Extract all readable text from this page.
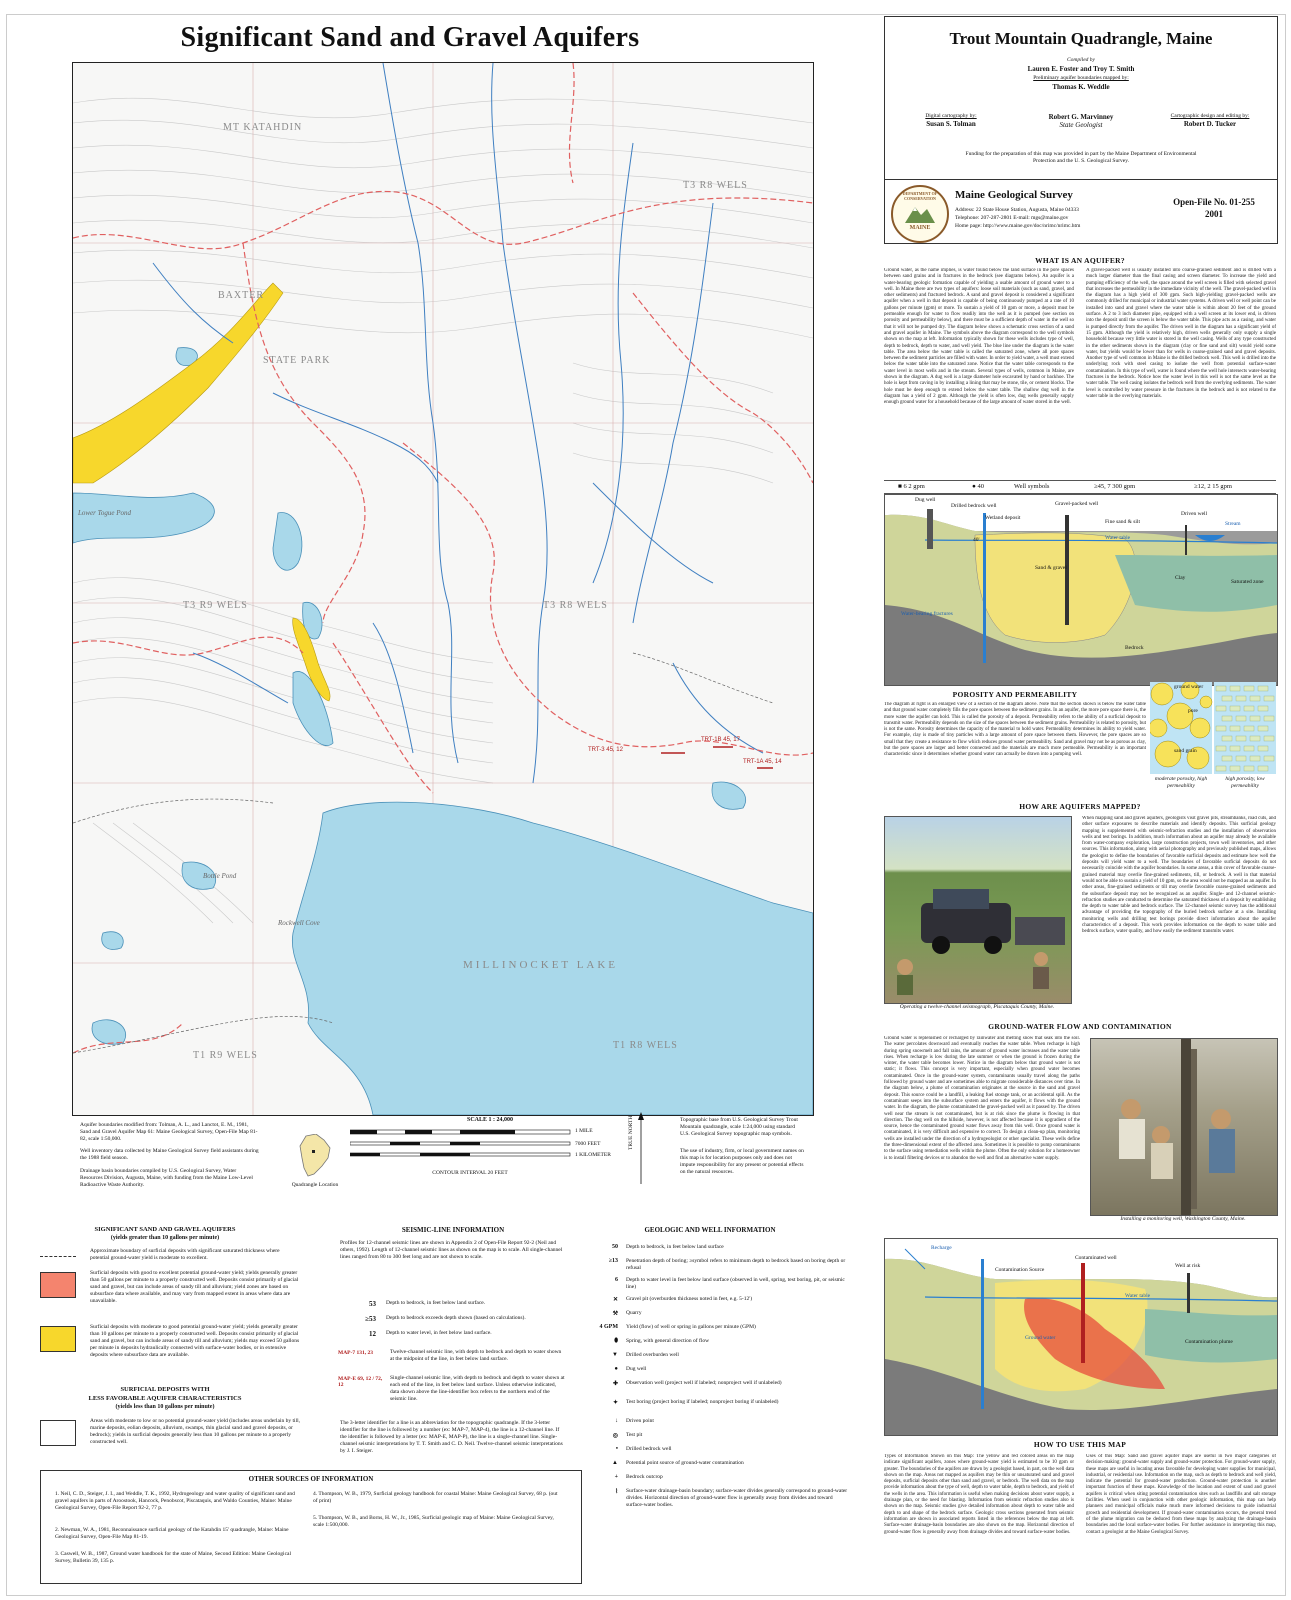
Significant Sand and Gravel Aquifers
MT KATAHDIN
BAXTER
STATE PARK
T3 R9 WELS
T3 R8 WELS
T3 R8 WELS
T1 R9 WELS
T1 R8 WELS
MILLINOCKET LAKE
Lower Togue Pond
Bottle Pond
Rockwell Cove
TRT-1B 45, 17
TRT-1A 45, 14
TRT-3 45, 12
Aquifer boundaries modified from: Tolman, A. L., and Lanctot, E. M., 1981, Sand and Gravel Aquifer Map 61: Maine Geological Survey, Open-File Map 81-82, scale 1:50,000.
Well inventory data collected by Maine Geological Survey field assistants during the 1988 field season.
Drainage basin boundaries compiled by U.S. Geological Survey, Water Resources Division, Augusta, Maine, with funding from the Maine Low-Level Radioactive Waste Authority.	Quadrangle Location
SCALE 1 : 24,000
1 MILE
7000 FEET
1 KILOMETER
CONTOUR INTERVAL 20 FEET
TRUE NORTH	Topographic base from U.S. Geological Survey Trout Mountain quadrangle, scale 1:24,000 using standard U.S. Geological Survey topographic map symbols.
The use of industry, firm, or local government names on this map is for location purposes only and does not impute responsibility for any present or potential effects on the natural resources.
Trout Mountain Quadrangle, Maine
Compiled by
Lauren E. Foster and Troy T. Smith
Preliminary aquifer boundaries mapped by:
Thomas K. Weddle
Digital cartography by:
Susan S. Tolman
Robert G. Marvinney
State Geologist
Cartographic design and editing by:
Robert D. Tucker
Funding for the preparation of this map was provided in part by the Maine Department of Environmental Protection and the U. S. Geological Survey.
DEPARTMENT OF CONSERVATION
MAINE
Maine Geological Survey
Address: 22 State House Station, Augusta, Maine 04333
Telephone: 207-287-2801 E-mail: mgs@maine.gov
Home page: http://www.maine.gov/doc/nrimc/nrimc.htm
Open-File No. 01-255
2001
WHAT IS AN AQUIFER?
Ground water, as the name implies, is water found below the land surface in the pore spaces between sand grains and in fractures in the bedrock (see diagrams below). An aquifer is a water-bearing geologic formation capable of yielding a usable amount of ground water to a well. In Maine there are two types of aquifers: loose soil materials (such as sand, gravel, and other sediments) and fractured bedrock. A sand and gravel deposit is considered a significant aquifer when a well in that deposit is capable of being continuously pumped at a rate of 10 gallons per minute (gpm) or more. To sustain a yield of 10 gpm or more, a deposit must be permeable enough for water to flow readily into the well as it is pumped (see section on porosity and permeability below), and there must be a sufficient depth of water in the well so that it will not be pumped dry. The diagram below shows a schematic cross section of a sand and gravel aquifer in Maine. The symbols above the diagram correspond to the well symbols shown on the map at left. Information typically shown for these wells includes type of well, depth to bedrock, depth to water, and well yield. The blue line under the diagram is the water table. The area below the water table is called the saturated zone, where all pore spaces between the sediment particles are filled with water. In order to yield water, a well must extend below the water table into the saturated zone. Notice that the water table corresponds to the water level in most wells and in the stream. Several types of wells, common in Maine, are shown in the diagram. A dug well is a large diameter hole excavated by hand or backhoe. The hole is kept from caving in by installing a lining that may be stone, tile, or cement blocks. The hole must be deep enough to extend below the water table. The shallow dug well in the diagram has a yield of 2 gpm. Although the yield is often low, dug wells generally supply enough ground water for a household because of the large amount of water stored in the well.
A gravel-packed well is usually installed into coarse-grained sediment and is drilled with a much larger diameter than the final casing and screen diameter. To increase the yield and pumping efficiency of the well, the space around the well screen is filled with selected gravel that increases the permeability in the immediate vicinity of the well. The gravel-packed well in the diagram has a high yield of 300 gpm. Such high-yielding gravel-packed wells are commonly drilled for municipal or industrial water systems. A driven well or well point can be installed into sand and gravel where the water table is within about 20 feet of the ground surface. A 2 to 3 inch diameter pipe, equipped with a well screen at its lower end, is driven into the deposit until the screen is below the water table. This pipe acts as a casing, and water is pumped directly from the aquifer. The driven well in the diagram has a significant yield of 15 gpm. Although the yield is relatively high, driven wells generally only supply a single household because very little water is stored in the well casing. Wells of any type constructed in the other sediments shown in the diagram (clay or fine sand and silt) would yield some water, but yields would be lower than for wells in coarse-grained sand and gravel deposits. Another type of well common in Maine is the drilled bedrock well. This well is drilled into the underlying rock with steel casing to isolate the well from potential surface-water contamination. In this type of well, water is found where the well hole intersects water-bearing fractures in the bedrock. Notice how the water level in this well is not the same level as the water table. The well casing isolates the bedrock well from the overlying sediments. The water level is controlled by water pressure in the fractures in the bedrock and is not related to the water table in the overlying materials.
■ 6 2 gpm	● 40	Well symbols	≥45, 7 300 gpm	≥12, 2 15 gpm
Dug well
Drilled bedrock well	Gravel-packed well
Wetland deposit
Fine sand & silt
Driven well
Stream
Water table
Sand & gravel
Clay
Saturated zone
Water-bearing fractures
Bedrock
40'
POROSITY AND PERMEABILITY
The diagram at right is an enlarged view of a section of the diagram above. Note that the section shown is below the water table and that ground water completely fills the pore spaces between the sediment grains. In an aquifer, the more pore space there is, the more water the aquifer can hold. This is called the porosity of a deposit. Permeability refers to the ability of a surficial deposit to transmit water. Permeability depends on the size of the spaces between the sediment grains. Permeability is related to porosity, but is not the same. Porosity determines the capacity of the material to hold water. Permeability determines its ability to yield water. For example, clay is made of tiny particles with a large amount of pore space between them. However, the pore spaces are so small that they create a resistance to flow which reduces ground water permeability. Sand and gravel may not be as porous as clay, but the pore spaces are larger and better connected and the materials are much more permeable. Permeability is an important characteristic since it determines whether ground water can actually be drawn into a pumping well.
ground water
pore
sand grain
moderate porosity, high permeability
high porosity, low permeability
HOW ARE AQUIFERS MAPPED?
Operating a twelve-channel seismograph, Piscataquis County, Maine.
When mapping sand and gravel aquifers, geologists visit gravel pits, streambanks, road cuts, and other surface exposures to describe materials and identify deposits. This surficial geology mapping is supplemented with seismic-refraction studies and the installation of observation wells and test borings. In addition, much information about an aquifer may already be available from water-company exploration, large construction projects, town well inventories, and other sources. This information, along with aerial photography and previously published maps, allows the geologist to define the boundaries of favorable surficial deposits and estimate how well the deposits will yield water to a well. The boundaries of favorable surficial deposits do not necessarily coincide with the aquifer boundaries. In some areas, a thin cover of favorable coarse-grained material may overlie fine-grained sediments, till, or bedrock. A well in that material would not be able to sustain a yield of 10 gpm, so the area would not be mapped as an aquifer. In other areas, fine-grained sediments or till may overlie favorable coarse-grained sediments and the subsurface deposit may not be recognized as an aquifer. Single- and 12-channel seismic-refraction studies are conducted to determine the saturated thickness of a deposit by establishing the depth to water table and bedrock surface. The 12-channel seismic survey has the additional advantage of providing the topography of the buried bedrock surface at a site. Installing monitoring wells and drilling test borings provide direct information about the aquifer characteristics of a deposit. This work provides information on the depth to water table and bedrock surface, water quality, and how easily the sediment transmits water.
GROUND-WATER FLOW AND CONTAMINATION
Ground water is replenished or recharged by rainwater and melting snow that seak into the soil. The water percolates downward and eventually reaches the water table. When recharge is high during spring snowmelt and fall rains, the amount of ground water increases and the water table rises. When recharge is low during the late summer or when the ground is frozen during the winter, the water table becomes lower. Notice in the diagram below that ground water is not static; it flows. This concept is very important, especially when ground water becomes contaminated. Once in the ground-water system, contaminants usually travel along the paths followed by ground water and are sometimes able to migrate considerable distances over time. In the diagram below, a plume of contamination originates at the source in the sand and gravel deposit. This source could be a landfill, a leaking fuel storage tank, or an accidental spill. As the contaminant seeps into the subsurface system and enters the aquifer, it flows with the ground water. In the diagram, the plume contaminated the gravel-packed well as it passed by. The driven well near the stream is not contaminated, but is at risk since the plume is flowing in that direction. The dug well on the hillside, however, is not affected because it is upgradient of the source, hence the contaminated ground water flows away from this well. Once ground water is contaminated, it is very difficult and expensive to correct. To design a clean-up plan, monitoring wells are installed under the direction of a hydrogeologist or other specialist. These wells define the three-dimensional extent of the affected area. Sometimes it is possible to pump contaminants to the surface using remediation wells within the plume. Often the only solution for a homeowner is to install filtering devices or to abandon the well and find an alternative water supply.
Installing a monitoring well, Washington County, Maine.
Recharge
Contamination Source
Contaminated well
Well at risk
Water table
Ground water
Contamination plume
HOW TO USE THIS MAP
Types of Information Shown on this Map: The yellow and red colored areas on the map indicate significant aquifers, zones where ground-water yield is estimated to be 10 gpm or greater. The boundaries of the aquifers are drawn by a geologist based, in part, on the well data shown on the map. Areas not mapped as aquifers may be thin or unsaturated sand and gravel deposits, surficial deposits other than sand and gravel, or bedrock. The well data on the map provide information about the type of well, depth to water table, depth to bedrock, and yield of the wells in the area. This information is useful when making decisions about water supply, a drainage plan, or the need for blasting. Information from seismic refraction studies also is shown on the map. Seismic studies give detailed information about depth to water table and depth to and shape of the bedrock surface. Geologic cross sections generated from seismic information are shown in associated reports listed in the references below the map at left. Surface-water drainage-basin boundaries are also shown on the map. Horizontal direction of ground-water flow is generally away from drainage divides and toward surface-water bodies.
Uses of this Map: Sand and gravel aquifer maps are useful in two major categories of decision-making: ground-water supply and ground-water protection. For ground-water supply, these maps are useful in locating areas favorable for developing water supplies for municipal, industrial, or residential use. Information on the map, such as depth to bedrock and well yield, indicate the potential for ground-water production. Ground-water protection is another important function of these maps. Knowledge of the location and extent of sand and gravel aquifers is critical when siting potential contamination sites such as landfills and salt storage facilities. When used in conjunction with other geologic information, this map can help planners and municipal officials make much more informed decisions to guide industrial growth and residential development. If ground-water contamination occurs, the general trend of the plume migration can be deduced from these maps by analyzing the drainage-basin boundaries and the local surface-water bodies. For further assistance in interpreting this map, contact a geologist at the Maine Geological Survey.
SIGNIFICANT SAND AND GRAVEL AQUIFERS
(yields greater than 10 gallons per minute)
Approximate boundary of surficial deposits with significant saturated thickness where potential ground-water yield is moderate to excellent.
Surficial deposits with good to excellent potential ground-water yield; yields generally greater than 50 gallons per minute to a properly constructed well. Deposits consist primarily of glacial sand and gravel, but can include areas of sandy till and alluvium; yield zones are based on subsurface data where available, and may vary from mapped extent in areas where data are unavailable.
Surficial deposits with moderate to good potential ground-water yield; yields generally greater than 10 gallons per minute to a properly constructed well. Deposits consist primarily of glacial sand and gravel, but can include areas of sandy till and alluvium; yields may exceed 50 gallons per minute in deposits hydraulically connected with surface-water bodies, or in extensive deposits where subsurface data are available.
SURFICIAL DEPOSITS WITH
LESS FAVORABLE AQUIFER CHARACTERISTICS
(yields less than 10 gallons per minute)
Areas with moderate to low or no potential ground-water yield (includes areas underlain by till, marine deposits, eolian deposits, alluvium, swamps, thin glacial sand and gravel deposits, or bedrock); yields in surficial deposits generally less than 10 gallons per minute to a properly constructed well.
OTHER SOURCES OF INFORMATION
1. Neil, C. D., Steiger, J. I., and Weddle, T. K., 1992, Hydrogeology and water quality of significant sand and gravel aquifers in parts of Aroostook, Hancock, Penobscot, Piscataquis, and Waldo Counties, Maine: Maine Geological Survey, Open-File Report 92-2, 77 p.
2. Newman, W. A., 1981, Reconnaissance surficial geology of the Katahdin 15' quadrangle, Maine: Maine Geological Survey, Open-File Map 81-19.
3. Caswell, W. B., 1987, Ground water handbook for the state of Maine, Second Edition: Maine Geological Survey, Bulletin 39, 135 p.
4. Thompson, W. B., 1979, Surficial geology handbook for coastal Maine: Maine Geological Survey, 68 p. (out of print)
5. Thompson, W. B., and Borns, H. W., Jr., 1985, Surficial geologic map of Maine: Maine Geological Survey, scale 1:500,000.
SEISMIC-LINE INFORMATION
Profiles for 12-channel seismic lines are shown in Appendix 2 of Open-File Report 92-2 (Neil and others, 1992). Length of 12-channel seismic lines as shown on the map is to scale. All single-channel lines ranged from 80 to 300 feet long and are not shown to scale.
53 Depth to bedrock, in feet below land surface.
≥53 Depth to bedrock exceeds depth shown (based on calculations).
12 Depth to water level, in feet below land surface.
MAP-7 131, 23	Twelve-channel seismic line, with depth to bedrock and depth to water shown at the midpoint of the line, in feet below land surface.
MAP-E 69, 12 / 72, 12
Single-channel seismic line, with depth to bedrock and depth to water shown at each end of the line, in feet below land surface. Unless otherwise indicated, data shown above the line-identifier box refers to the northern end of the seismic line.
The 3-letter identifier for a line is an abbreviation for the topographic quadrangle. If the 3-letter identifier for the line is followed by a number (ex: MAP-7, MAP-4), the line is a 12-channel line. If the identifier is followed by a letter (ex: MAP-E, MAP-P), the line is a single-channel line. Single-channel seismic interpretations by T. T. Smith and C. D. Neil. Twelve-channel seismic interpretations by J. I. Steiger.
GEOLOGIC AND WELL INFORMATION
50 Depth to bedrock, in feet below land surface
≥13 Penetration depth of boring; ≥symbol refers to minimum depth to bedrock based on boring depth or refusal
6 Depth to water level in feet below land surface (observed in well, spring, test boring, pit, or seismic line)
✕ Gravel pit (overburden thickness noted in feet, e.g. 5-12')
⚒ Quarry
4 GPM Yield (flow) of well or spring in gallons per minute (GPM)
⬮ Spring, with general direction of flow
▼ Drilled overburden well
● Dug well
✚ Observation well (project well if labeled; nonproject well if unlabeled)
✦ Test boring (project boring if labeled; nonproject boring if unlabeled)
↓ Driven point
◎ Test pit
• Drilled bedrock well
▲ Potential point source of ground-water contamination
+ Bedrock outcrop
⌇ Surface-water drainage-basin boundary; surface-water divides generally correspond to ground-water divides. Horizontal direction of ground-water flow is generally away from divides and toward surface-water bodies.
